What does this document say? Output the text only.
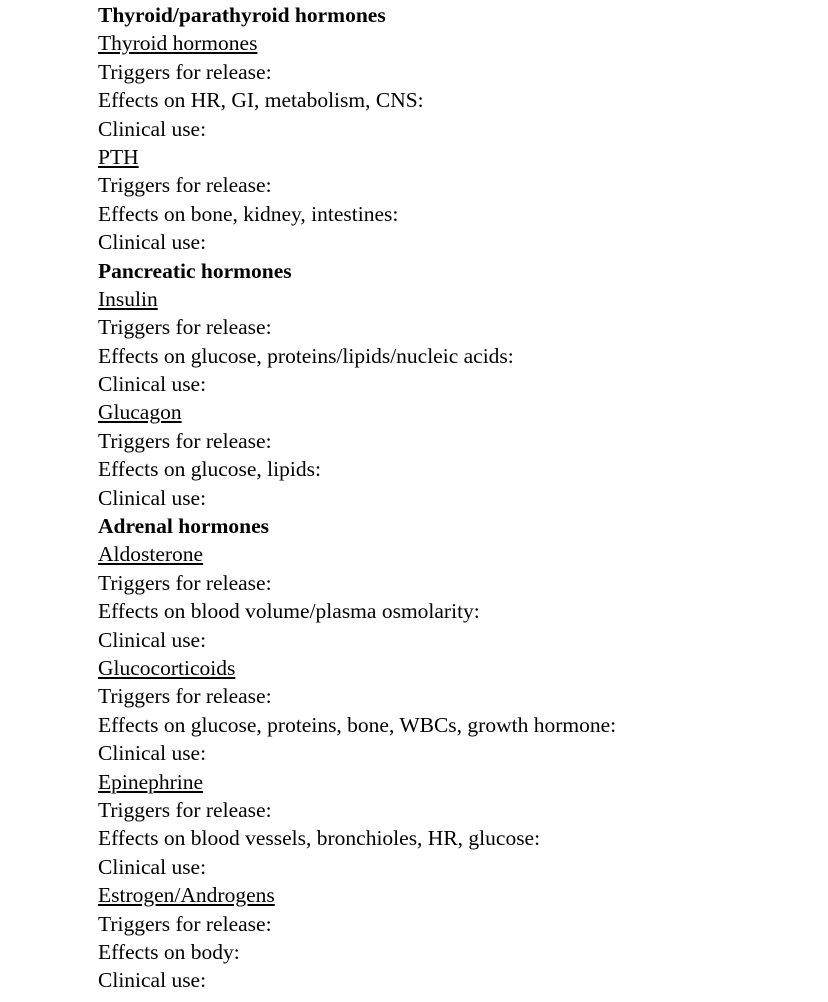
Thyroid/parathyroid hormones
Thyroid hormones
Triggers for release:
Effects on HR, GI, metabolism, CNS:
Clinical use:
PTH
Triggers for release:
Effects on bone, kidney, intestines:
Clinical use:
Pancreatic hormones
Insulin
Triggers for release:
Effects on glucose, proteins/lipids/nucleic acids:
Clinical use:
Glucagon
Triggers for release:
Effects on glucose, lipids:
Clinical use:
Adrenal hormones
Aldosterone
Triggers for release:
Effects on blood volume/plasma osmolarity:
Clinical use:
Glucocorticoids
Triggers for release:
Effects on glucose, proteins, bone, WBCs, growth hormone:
Clinical use:
Epinephrine
Triggers for release:
Effects on blood vessels, bronchioles, HR, glucose:
Clinical use:
Estrogen/Androgens
Triggers for release:
Effects on body:
Clinical use:
